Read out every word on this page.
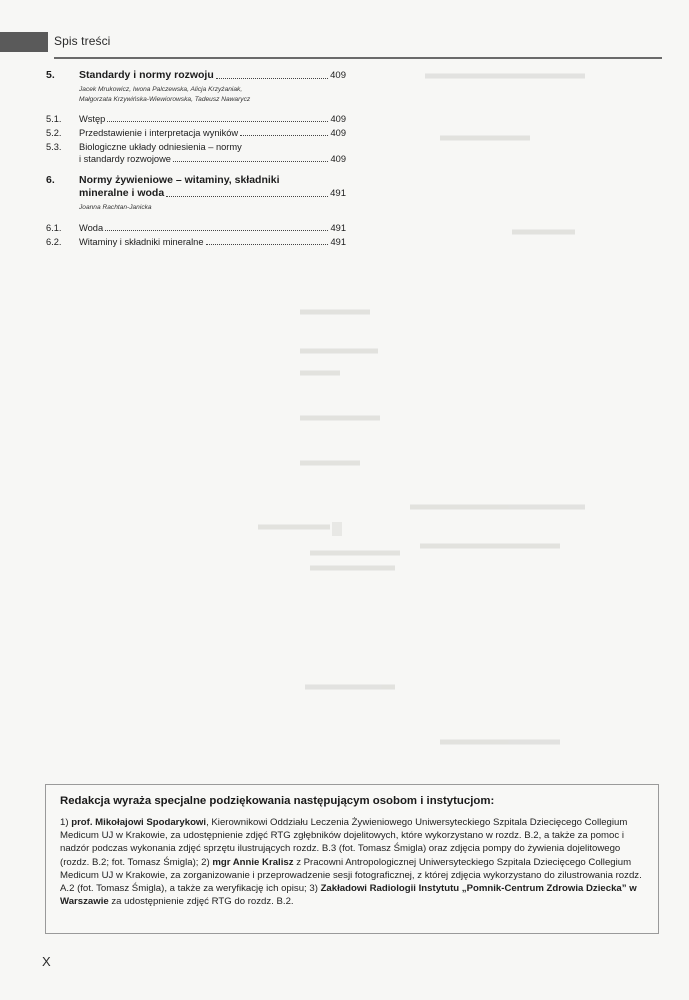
Spis treści
5.	Standardy i normy rozwoju	409
Jacek Mrukowicz, Iwona Palczewska, Alicja Krzyżaniak,
Małgorzata Krzywińska-Wiewiorowska, Tadeusz Nawarycz
5.1.	Wstęp	409
5.2.	Przedstawienie i interpretacja wyników	409
5.3.	Biologiczne układy odniesienia – normy
i standardy rozwojowe	409
6.	Normy żywieniowe – witaminy, składniki
mineralne i woda	491
Joanna Rachtan-Janicka
6.1.	Woda	491
6.2.	Witaminy i składniki mineralne	491
Redakcja wyraża specjalne podziękowania następującym osobom i instytucjom:
1) prof. Mikołajowi Spodarykowi, Kierownikowi Oddziału Leczenia Żywieniowego Uniwersyteckiego Szpitala Dziecięcego Collegium Medicum UJ w Krakowie, za udostępnienie zdjęć RTG zgłębników dojelitowych, które wykorzystano w rozdz. B.2, a także za pomoc i nadzór podczas wykonania zdjęć sprzętu ilustrujących rozdz. B.3 (fot. Tomasz Śmigla) oraz zdjęcia pompy do żywienia dojelitowego (rozdz. B.2; fot. Tomasz Śmigla); 2) mgr Annie Kralisz z Pracowni Antropologicznej Uniwersyteckiego Szpitala Dziecięcego Collegium Medicum UJ w Krakowie, za zorganizowanie i przeprowadzenie sesji fotograficznej, z której zdjęcia wykorzystano do zilustrowania rozdz. A.2 (fot. Tomasz Śmigla), a także za weryfikację ich opisu; 3) Zakładowi Radiologii Instytutu „Pomnik-Centrum Zdrowia Dziecka” w Warszawie za udostępnienie zdjęć RTG do rozdz. B.2.
X
